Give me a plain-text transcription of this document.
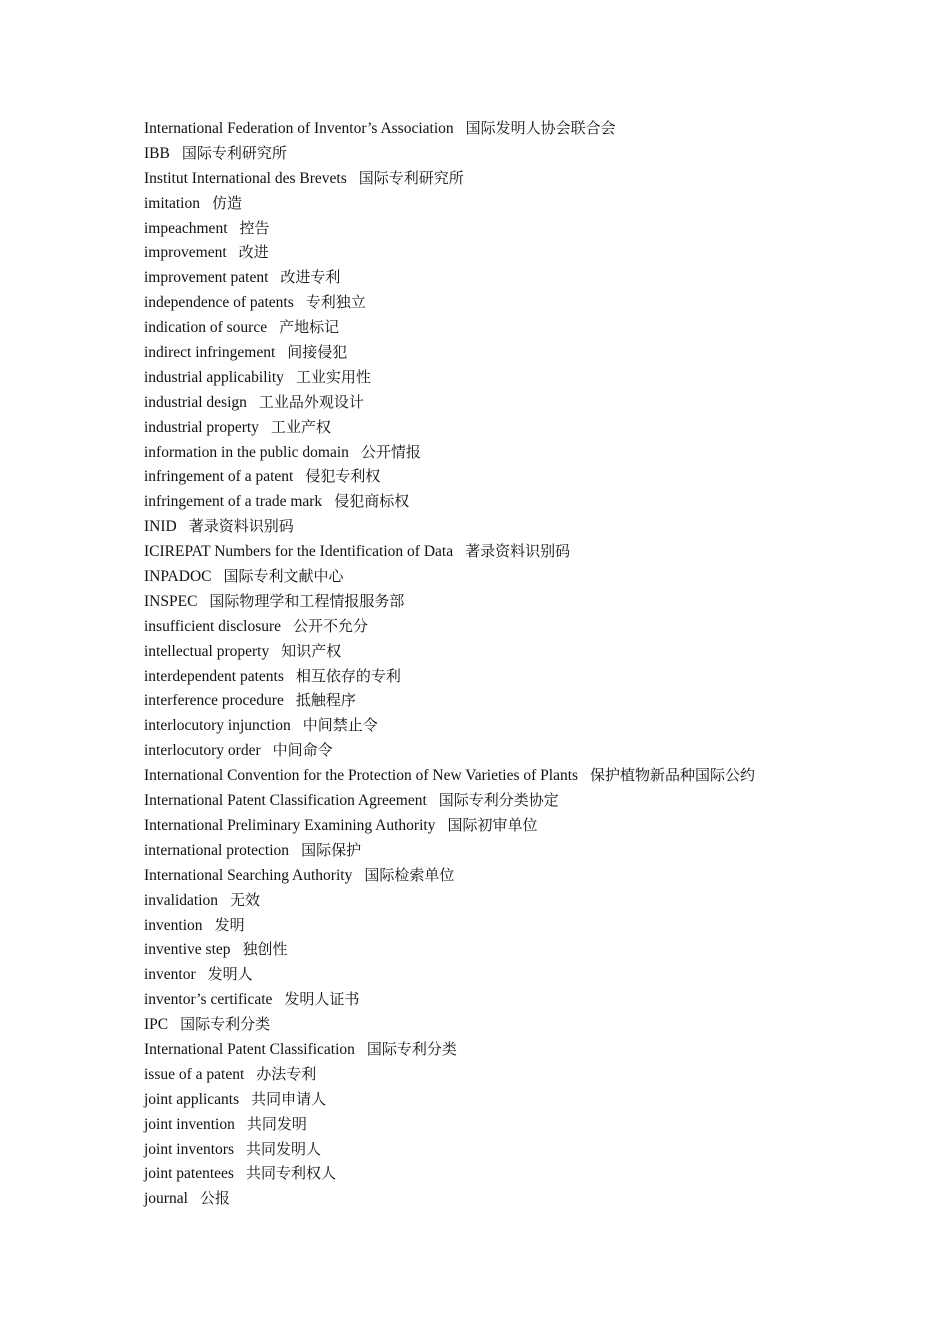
International Federation of Inventor’s Association 国际发明人协会联合会
IBB 国际专利研究所
Institut International des Brevets 国际专利研究所
imitation 仿造
impeachment 控告
improvement 改进
improvement patent 改进专利
independence of patents 专利独立
indication of source 产地标记
indirect infringement 间接侵犯
industrial applicability 工业实用性
industrial design 工业品外观设计
industrial property 工业产权
information in the public domain 公开情报
infringement of a patent 侵犯专利权
infringement of a trade mark 侵犯商标权
INID 著录资料识别码
ICIREPAT Numbers for the Identification of Data 著录资料识别码
INPADOC 国际专利文献中心
INSPEC 国际物理学和工程情报服务部
insufficient disclosure 公开不允分
intellectual property 知识产权
interdependent patents 相互依存的专利
interference procedure 抵触程序
interlocutory injunction 中间禁止令
interlocutory order 中间命令
International Convention for the Protection of New Varieties of Plants 保护植物新品种国际公约
International Patent Classification Agreement 国际专利分类协定
International Preliminary Examining Authority 国际初审单位
international protection 国际保护
International Searching Authority 国际检索单位
invalidation 无效
invention 发明
inventive step 独创性
inventor 发明人
inventor’s certificate 发明人证书
IPC 国际专利分类
International Patent Classification 国际专利分类
issue of a patent 办法专利
joint applicants 共同申请人
joint invention 共同发明
joint inventors 共同发明人
joint patentees 共同专利权人
journal 公报
